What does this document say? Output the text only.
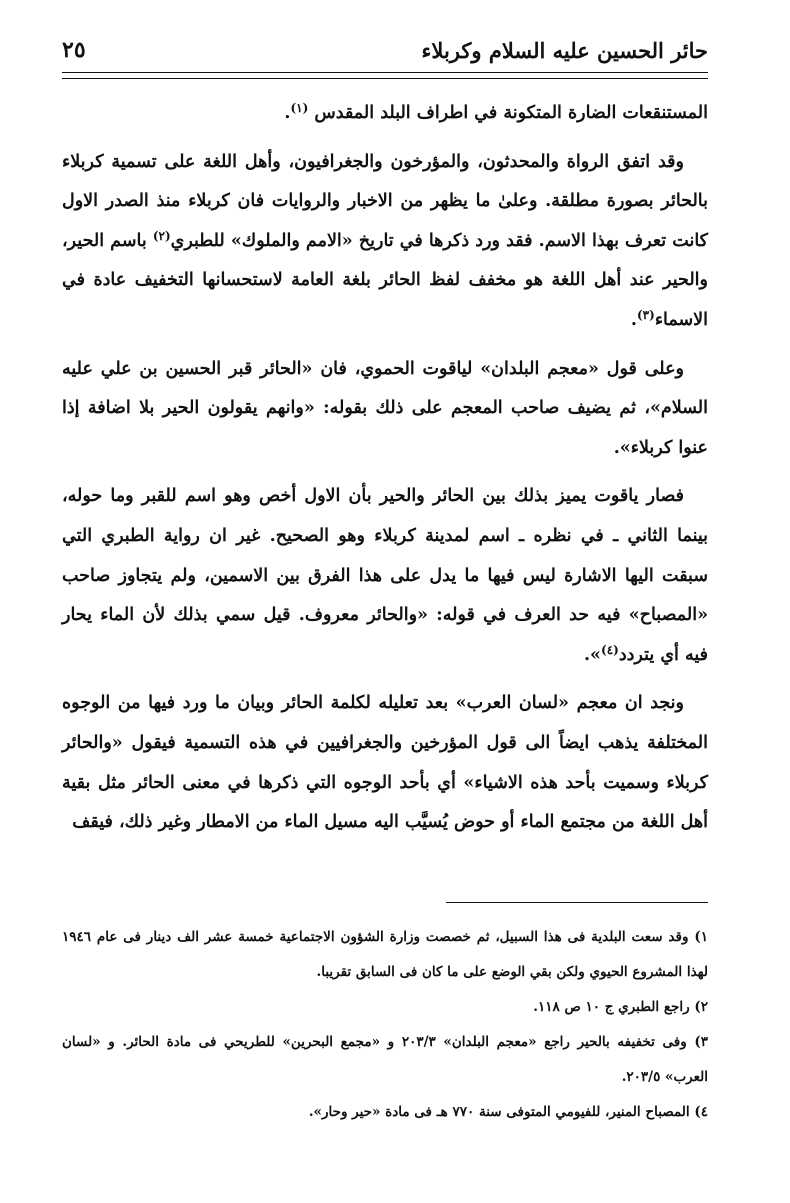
حائر الحسين عليه السلام وكربلاء
٢٥

المستنقعات الضارة المتكونة في اطراف البلد المقدس $^{(١)}$.

وقد اتفق الرواة والمحدثون، والمؤرخون والجغرافيون، وأهل اللغة على تسمية كربلاء بالحائر بصورة مطلقة. وعلىٰ ما يظهر من الاخبار والروايات فان كربلاء منذ الصدر الاول كانت تعرف بهذا الاسم. فقد ورد ذكرها في تاريخ «الامم والملوك» للطبري$^{(٢)}$ باسم الحير، والحير عند أهل اللغة هو مخفف لفظ الحائر بلغة العامة لاستحسانها التخفيف عادة في الاسماء$^{(٣)}$.

وعلى قول «معجم البلدان» لياقوت الحموي، فان «الحائر قبر الحسين بن علي عليه السلام»، ثم يضيف صاحب المعجم على ذلك بقوله: «وانهم يقولون الحير بلا اضافة إذا عنوا كربلاء».

فصار ياقوت يميز بذلك بين الحائر والحير بأن الاول أخص وهو اسم للقبر وما حوله، بينما الثاني ـ في نظره ـ اسم لمدينة كربلاء وهو الصحيح. غير ان رواية الطبري التي سبقت اليها الاشارة ليس فيها ما يدل على هذا الفرق بين الاسمين، ولم يتجاوز صاحب «المصباح» فيه حد العرف في قوله: «والحائر معروف. قيل سمي بذلك لأن الماء يحار فيه أي يتردد$^{(٤)}$».

ونجد ان معجم «لسان العرب» بعد تعليله لكلمة الحائر وبيان ما ورد فيها من الوجوه المختلفة يذهب ايضاً الى قول المؤرخين والجغرافيين في هذه التسمية فيقول «والحائر كربلاء وسميت بأحد هذه الاشياء» أي بأحد الوجوه التي ذكرها في معنى الحائر مثل بقية أهل اللغة من مجتمع الماء أو حوض يُسيَّب اليه مسيل الماء من الامطار وغير ذلك، فيقف

١) وقد سعت البلدية فى هذا السبيل، ثم خصصت وزارة الشؤون الاجتماعية خمسة عشر الف دينار فى عام ١٩٤٦ لهذا المشروع الحيوي ولكن بقي الوضع على ما كان فى السابق تقريبا.

٢) راجع الطبري ج ١٠ ص ١١٨.

٣) وفى تخفيفه بالحير راجع «معجم البلدان» ٢٠٣/٣ و «مجمع البحرين» للطريحي فى مادة الحائر. و «لسان العرب» ٢٠٣/٥.

٤) المصباح المنير، للفيومي المتوفى سنة ٧٧٠ هـ فى مادة «حير وحار».
